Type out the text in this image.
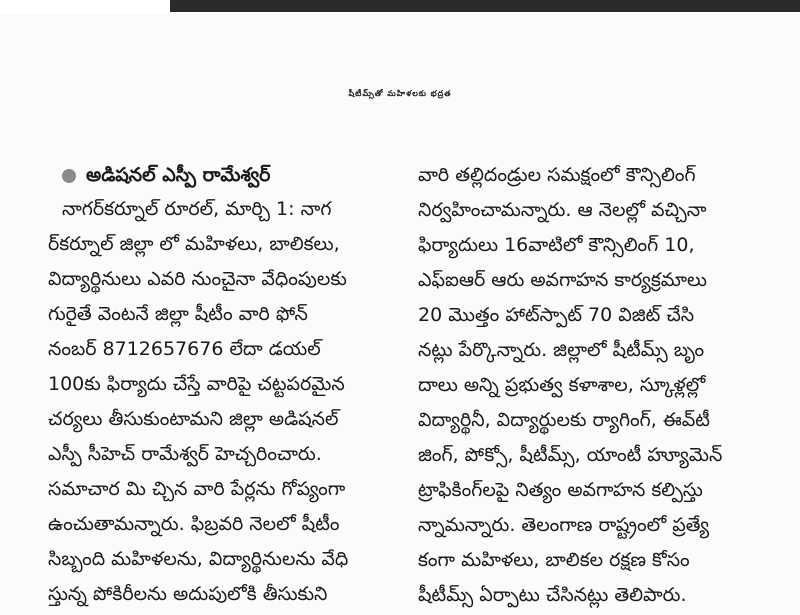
షీటీమ్స్‌తో మహిళలకు భద్రత
అడిషనల్ ఎస్పీ రామేశ్వర్
నాగర్‌కర్నూల్ రూరల్, మార్చి 1: నాగ
ర్‌కర్నూల్ జిల్లా లో మహిళలు, బాలికలు,
విద్యార్థినులు ఎవరి నుంచైనా వేధింపులకు
గురైతే వెంటనే జిల్లా షీటీం వారి ఫోన్
నంబర్ 8712657676 లేదా డయల్
100కు ఫిర్యాదు చేస్తే వారిపై చట్టపరమైన
చర్యలు తీసుకుంటామని జిల్లా అడిషనల్
ఎస్పీ సీహెచ్ రామేశ్వర్ హెచ్చరించారు.
సమాచార మి చ్చిన వారి పేర్లను గోప్యంగా
ఉంచుతామన్నారు. ఫిబ్రవరి నెలలో షీటీం
సిబ్బంది మహిళలను, విద్యార్థినులను వేధి
స్తున్న పోకిరీలను అదుపులోకి తీసుకుని
వారి తల్లిదండ్రుల సమక్షంలో కౌన్సిలింగ్
నిర్వహించామన్నారు. ఆ నెలల్లో వచ్చినా
ఫిర్యాదులు 16వాటిలో కౌన్సిలింగ్ 10,
ఎఫ్ఐఆర్ ఆరు అవగాహన కార్యక్రమాలు
20 మొత్తం హాట్‌స్పాట్ 70 విజిట్ చేసి
నట్లు పేర్కొన్నారు. జిల్లాలో షీటీమ్స్ బృం
దాలు అన్ని ప్రభుత్వ కళాశాల, స్కూళ్లల్లో
విద్యార్థినీ, విద్యార్థులకు ర్యాగింగ్, ఈవ్‌టీ
జింగ్, పోక్సో, షీటీమ్స్, యాంటీ హ్యూమెన్
ట్రాఫికింగ్‌లపై నిత్యం అవగాహన కల్పిస్తు
న్నామన్నారు. తెలంగాణ రాష్ట్రంలో ప్రత్యే
కంగా మహిళలు, బాలికల రక్షణ కోసం
షీటీమ్స్ ఏర్పాటు చేసినట్లు తెలిపారు.
